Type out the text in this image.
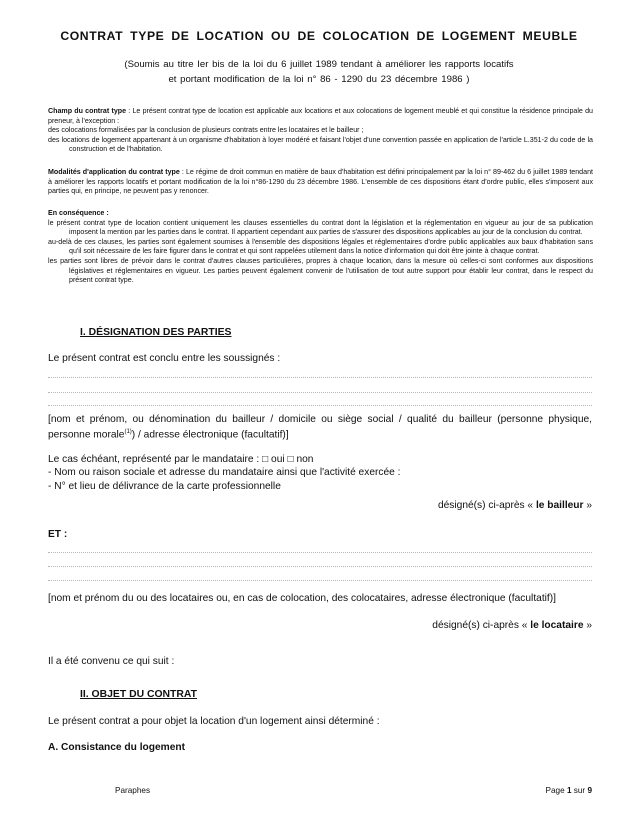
CONTRAT TYPE DE LOCATION OU DE COLOCATION DE LOGEMENT MEUBLE
(Soumis au titre Ier bis de la loi du 6 juillet 1989 tendant à améliorer les rapports locatifs
et portant modification de la loi n° 86 - 1290 du 23 décembre 1986 )

Champ du contrat type : Le présent contrat type de location est applicable aux locations et aux colocations de logement meublé et qui constitue la résidence principale du preneur, à l'exception :

des colocations formalisées par la conclusion de plusieurs contrats entre les locataires et le bailleur ;

des locations de logement appartenant à un organisme d'habitation à loyer modéré et faisant l'objet d'une convention passée en application de l'article L.351-2 du code de la construction et de l'habitation.

Modalités d'application du contrat type : Le régime de droit commun en matière de baux d'habitation est défini principalement par la loi n° 89-462 du 6 juillet 1989 tendant à améliorer les rapports locatifs et portant modification de la loi n°86-1290 du 23 décembre 1986. L'ensemble de ces dispositions étant d'ordre public, elles s'imposent aux parties qui, en principe, ne peuvent pas y renoncer.

En conséquence :

le présent contrat type de location contient uniquement les clauses essentielles du contrat dont la législation et la réglementation en vigueur au jour de sa publication imposent la mention par les parties dans le contrat. Il appartient cependant aux parties de s'assurer des dispositions applicables au jour de la conclusion du contrat.

au-delà de ces clauses, les parties sont également soumises à l'ensemble des dispositions légales et réglementaires d'ordre public applicables aux baux d'habitation sans qu'il soit nécessaire de les faire figurer dans le contrat et qui sont rappelées utilement dans la notice d'information qui doit être jointe à chaque contrat.

les parties sont libres de prévoir dans le contrat d'autres clauses particulières, propres à chaque location, dans la mesure où celles-ci sont conformes aux dispositions législatives et réglementaires en vigueur. Les parties peuvent également convenir de l'utilisation de tout autre support pour établir leur contrat, dans le respect du présent contrat type.

I. DÉSIGNATION DES PARTIES
Le présent contrat est conclu entre les soussignés :

[nom et prénom, ou dénomination du bailleur / domicile ou siège social / qualité du bailleur (personne physique, personne morale$^{(1)}$) / adresse électronique (facultatif)]

Le cas échéant, représenté par le mandataire : □ oui □ non

- Nom ou raison sociale et adresse du mandataire ainsi que l'activité exercée :

- N° et lieu de délivrance de la carte professionnelle

désigné(s) ci-après « le bailleur »
ET :

[nom et prénom du ou des locataires ou, en cas de colocation, des colocataires, adresse électronique (facultatif)]

désigné(s) ci-après « le locataire »
Il a été convenu ce qui suit :
II. OBJET DU CONTRAT
Le présent contrat a pour objet la location d'un logement ainsi déterminé :
A. Consistance du logement
Paraphes	Page 1 sur 9
